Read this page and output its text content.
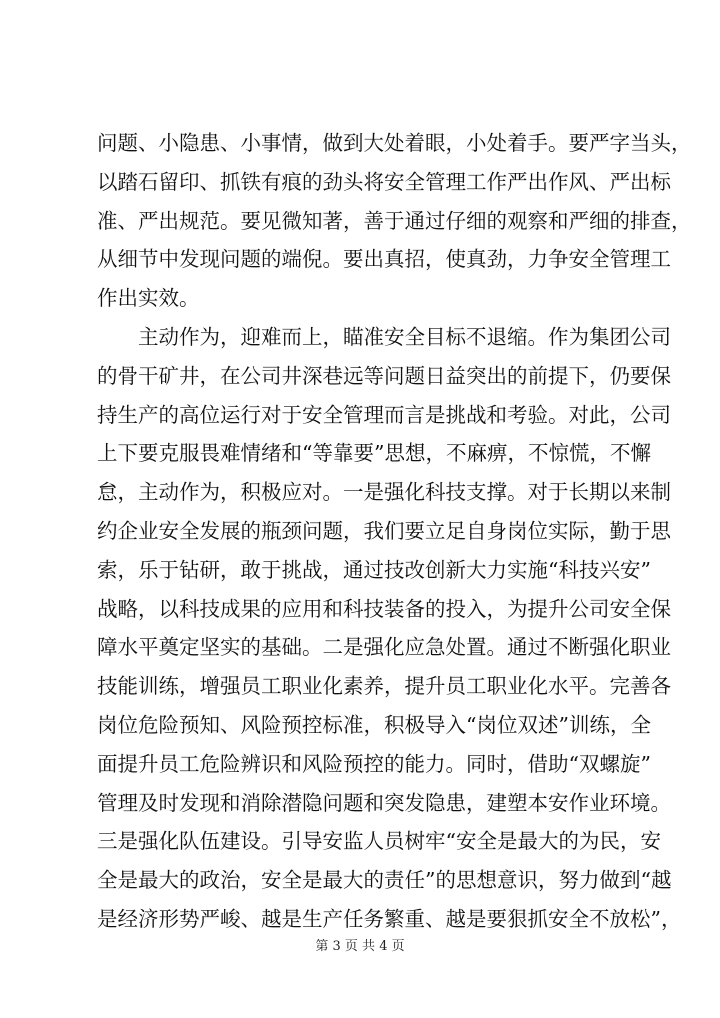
问题、小隐患、小事情，做到大处着眼，小处着手。要严字当头，
以踏石留印、抓铁有痕的劲头将安全管理工作严出作风、严出标
准、严出规范。要见微知著，善于通过仔细的观察和严细的排查，
从细节中发现问题的端倪。要出真招，使真劲，力争安全管理工
作出实效。
主动作为，迎难而上，瞄准安全目标不退缩。作为集团公司
的骨干矿井，在公司井深巷远等问题日益突出的前提下，仍要保
持生产的高位运行对于安全管理而言是挑战和考验。对此，公司
上下要克服畏难情绪和“等靠要”思想，不麻痹，不惊慌，不懈
怠，主动作为，积极应对。一是强化科技支撑。对于长期以来制
约企业安全发展的瓶颈问题，我们要立足自身岗位实际，勤于思
索，乐于钻研，敢于挑战，通过技改创新大力实施“科技兴安”
战略，以科技成果的应用和科技装备的投入，为提升公司安全保
障水平奠定坚实的基础。二是强化应急处置。通过不断强化职业
技能训练，增强员工职业化素养，提升员工职业化水平。完善各
岗位危险预知、风险预控标准，积极导入“岗位双述”训练，全
面提升员工危险辨识和风险预控的能力。同时，借助“双螺旋”
管理及时发现和消除潜隐问题和突发隐患，建塑本安作业环境。
三是强化队伍建设。引导安监人员树牢“安全是最大的为民，安
全是最大的政治，安全是最大的责任”的思想意识，努力做到“越
是经济形势严峻、越是生产任务繁重、越是要狠抓安全不放松”，
第 3 页 共 4 页
